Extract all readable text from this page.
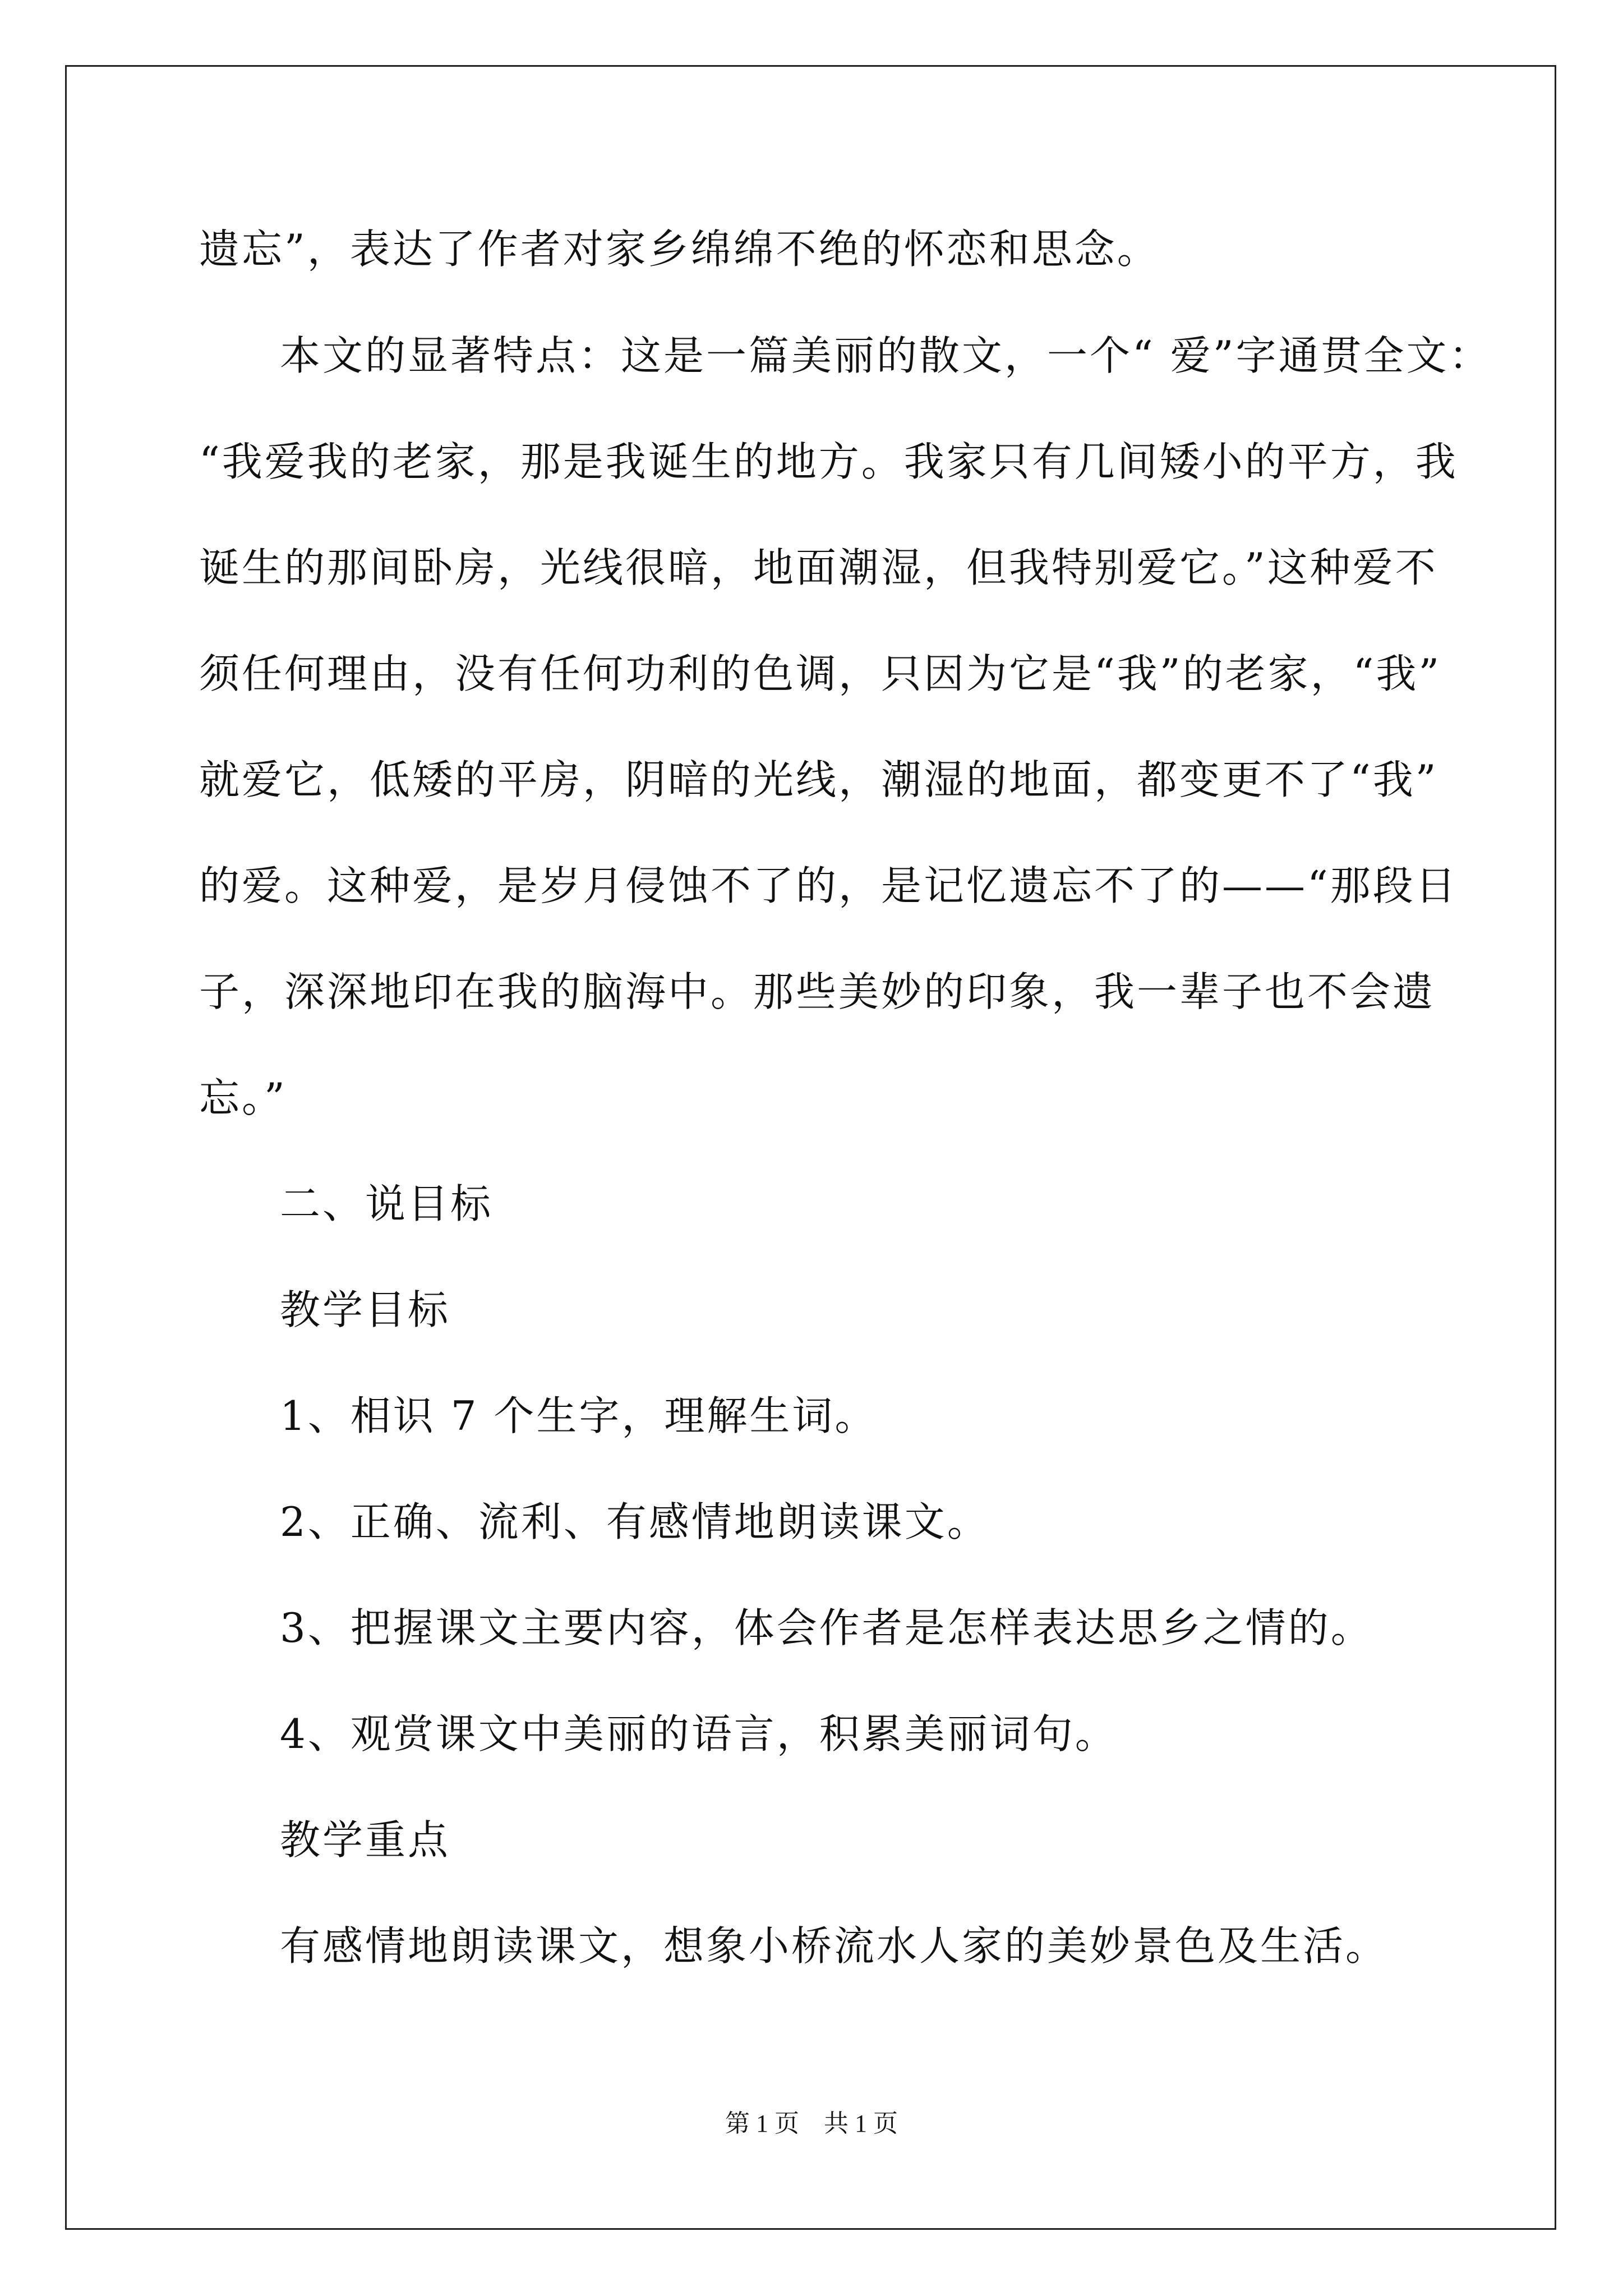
遗忘”，表达了作者对家乡绵绵不绝的怀恋和思念。
本文的显著特点：这是一篇美丽的散文，一个“ 爱”字通贯全文：
“我爱我的老家，那是我诞生的地方。我家只有几间矮小的平方，我
诞生的那间卧房，光线很暗，地面潮湿，但我特别爱它。”这种爱不
须任何理由，没有任何功利的色调，只因为它是“我”的老家，“我”
就爱它，低矮的平房，阴暗的光线，潮湿的地面，都变更不了“我”
的爱。这种爱，是岁月侵蚀不了的，是记忆遗忘不了的——“那段日
子，深深地印在我的脑海中。那些美妙的印象，我一辈子也不会遗
忘。”
二、说目标
教学目标
1、相识 7 个生字，理解生词。
2、正确、流利、有感情地朗读课文。
3、把握课文主要内容，体会作者是怎样表达思乡之情的。
4、观赏课文中美丽的语言，积累美丽词句。
教学重点
有感情地朗读课文，想象小桥流水人家的美妙景色及生活。
第 1 页　共 1 页
